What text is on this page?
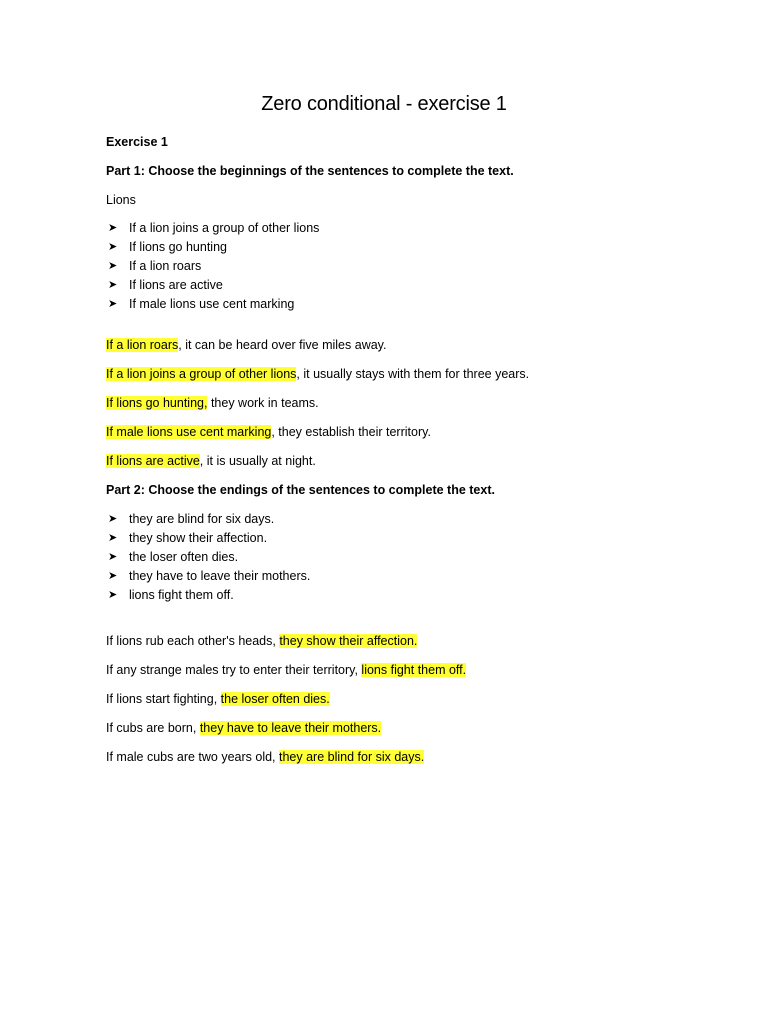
Zero conditional - exercise 1
Exercise 1
Part 1: Choose the beginnings of the sentences to complete the text.
Lions
➤ If a lion joins a group of other lions
➤ If lions go hunting
➤ If a lion roars
➤ If lions are active
➤ If male lions use cent marking
If a lion roars, it can be heard over five miles away.
If a lion joins a group of other lions, it usually stays with them for three years.
If lions go hunting, they work in teams.
If male lions use cent marking, they establish their territory.
If lions are active, it is usually at night.
Part 2: Choose the endings of the sentences to complete the text.
➤ they are blind for six days.
➤ they show their affection.
➤ the loser often dies.
➤ they have to leave their mothers.
➤ lions fight them off.
If lions rub each other's heads, they show their affection.
If any strange males try to enter their territory, lions fight them off.
If lions start fighting, the loser often dies.
If cubs are born, they have to leave their mothers.
If male cubs are two years old, they are blind for six days.
